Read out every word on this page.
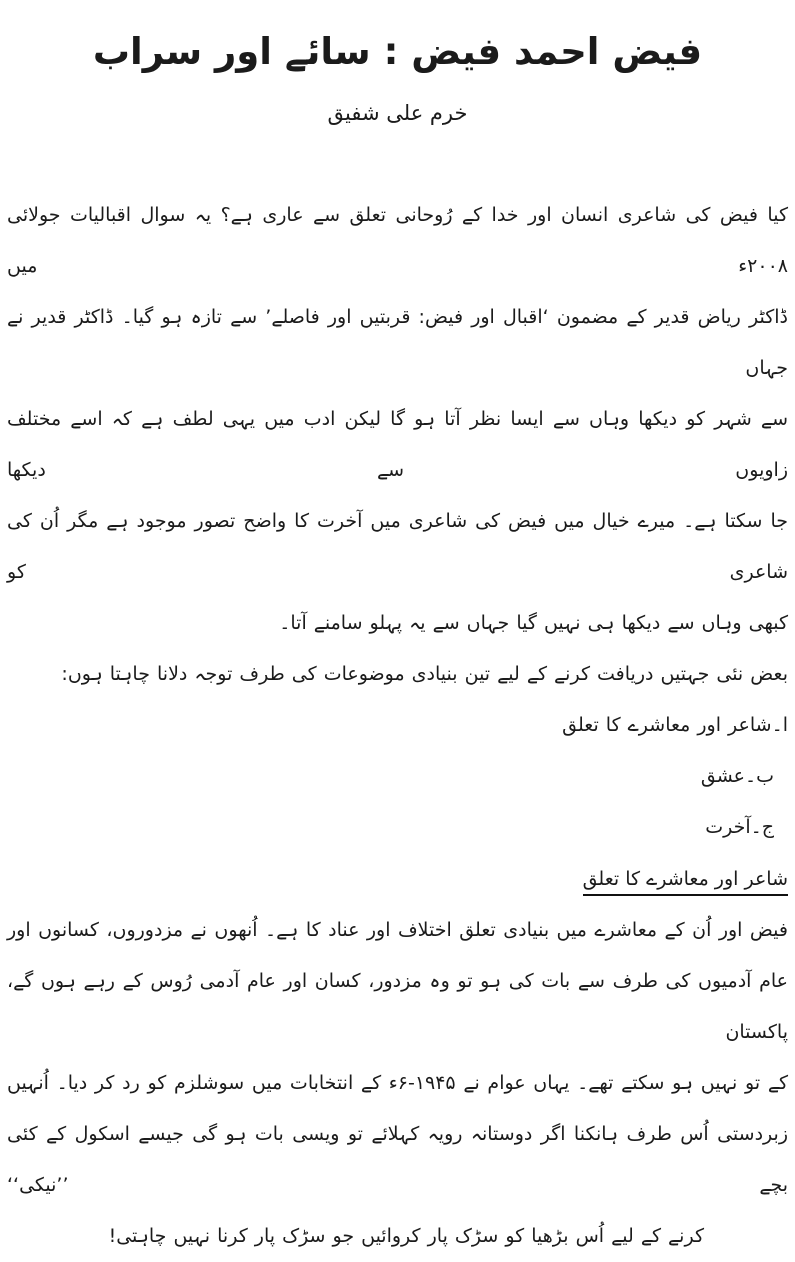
فیض احمد فیض : سائے اور سراب
خرم علی شفیق
کیا فیض کی شاعری انسان اور خدا کے رُوحانی تعلق سے عاری ہے؟ یہ سوال اقبالیات جولائی ۲۰۰۸ء میں
ڈاکٹر ریاض قدیر کے مضمون ‘اقبال اور فیض: قربتیں اور فاصلے’ سے تازہ ہو گیا۔ ڈاکٹر قدیر نے جہاں
سے شہر کو دیکھا وہاں سے ایسا نظر آتا ہو گا لیکن ادب میں یہی لطف ہے کہ اسے مختلف زاویوں سے دیکھا
جا سکتا ہے۔ میرے خیال میں فیض کی شاعری میں آخرت کا واضح تصور موجود ہے مگر اُن کی شاعری کو
کبھی وہاں سے دیکھا ہی نہیں گیا جہاں سے یہ پہلو سامنے آتا۔
بعض نئی جہتیں دریافت کرنے کے لیے تین بنیادی موضوعات کی طرف توجہ دلانا چاہتا ہوں:
ا۔شاعر اور معاشرے کا تعلق
ب۔عشق
ج۔آخرت
شاعر اور معاشرے کا تعلق
فیض اور اُن کے معاشرے میں بنیادی تعلق اختلاف اور عناد کا ہے۔ اُنھوں نے مزدوروں، کسانوں اور
عام آدمیوں کی طرف سے بات کی ہو تو وہ مزدور، کسان اور عام آدمی رُوس کے رہے ہوں گے، پاکستان
کے تو نہیں ہو سکتے تھے۔ یہاں عوام نے ۱۹۴۵-۶ء کے انتخابات میں سوشلزم کو رد کر دیا۔ اُنہیں
زبردستی اُس طرف ہانکنا اگر دوستانہ رویہ کہلائے تو ویسی بات ہو گی جیسے اسکول کے کئی بچے ’’نیکی‘‘
کرنے کے لیے اُس بڑھیا کو سڑک پار کروائیں جو سڑک پار کرنا نہیں چاہتی!
